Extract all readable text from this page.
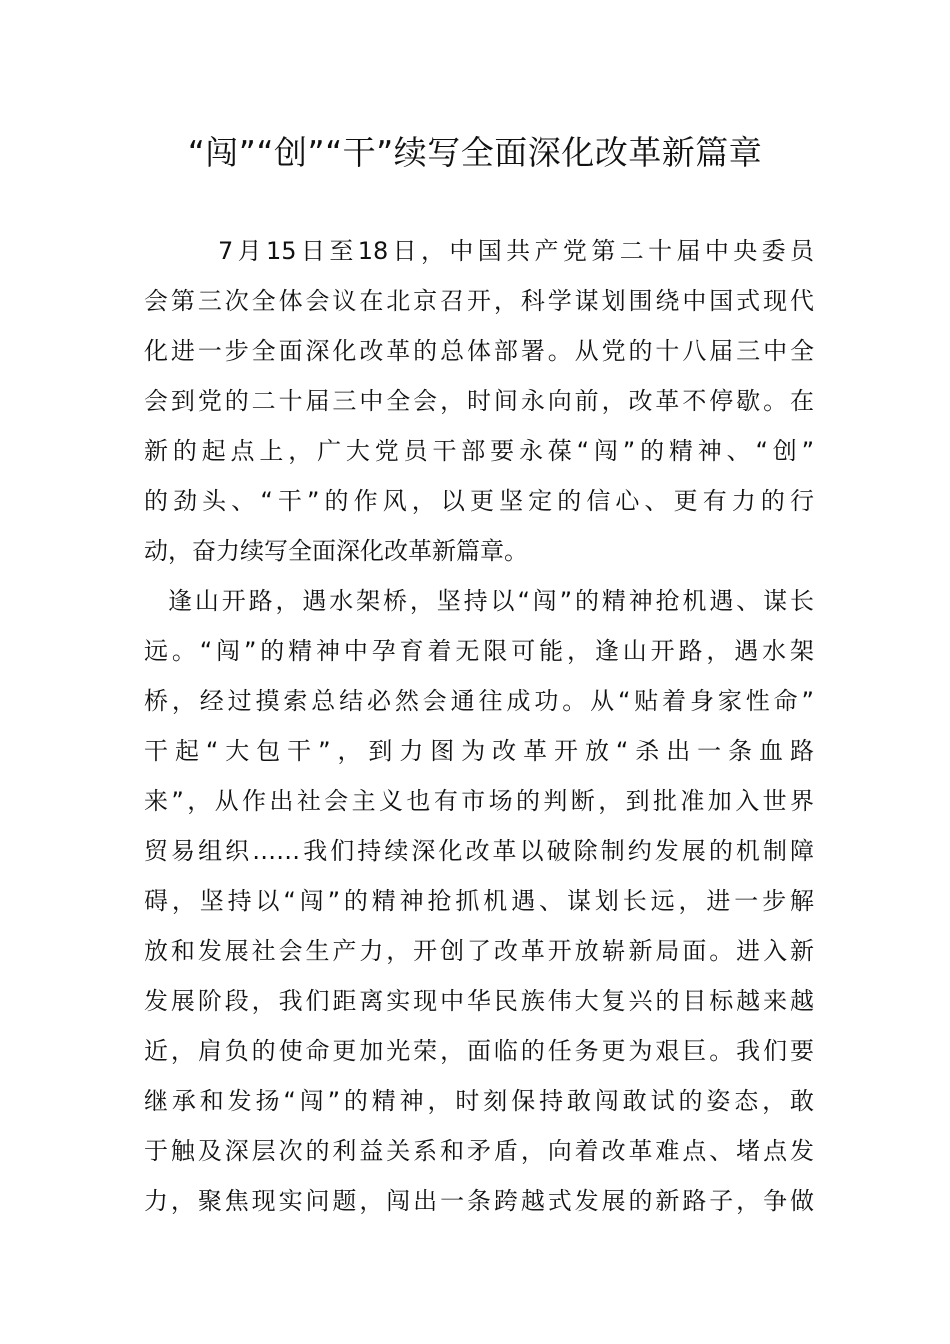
“闯”“创”“干”续写全面深化改革新篇章

7月15日至18日，中国共产党第二十届中央委员

会第三次全体会议在北京召开，科学谋划围绕中国式现代

化进一步全面深化改革的总体部署。从党的十八届三中全

会到党的二十届三中全会，时间永向前，改革不停歇。在

新的起点上，广大党员干部要永葆“闯”的精神、“创”

的劲头、“干”的作风，以更坚定的信心、更有力的行

动，奋力续写全面深化改革新篇章。

逢山开路，遇水架桥，坚持以“闯”的精神抢机遇、谋长

远。“闯”的精神中孕育着无限可能，逢山开路，遇水架

桥，经过摸索总结必然会通往成功。从“贴着身家性命”

干起“大包干”，到力图为改革开放“杀出一条血路

来”，从作出社会主义也有市场的判断，到批准加入世界

贸易组织……我们持续深化改革以破除制约发展的机制障

碍，坚持以“闯”的精神抢抓机遇、谋划长远，进一步解

放和发展社会生产力，开创了改革开放崭新局面。进入新

发展阶段，我们距离实现中华民族伟大复兴的目标越来越

近，肩负的使命更加光荣，面临的任务更为艰巨。我们要

继承和发扬“闯”的精神，时刻保持敢闯敢试的姿态，敢

于触及深层次的利益关系和矛盾，向着改革难点、堵点发

力，聚焦现实问题，闯出一条跨越式发展的新路子，争做
